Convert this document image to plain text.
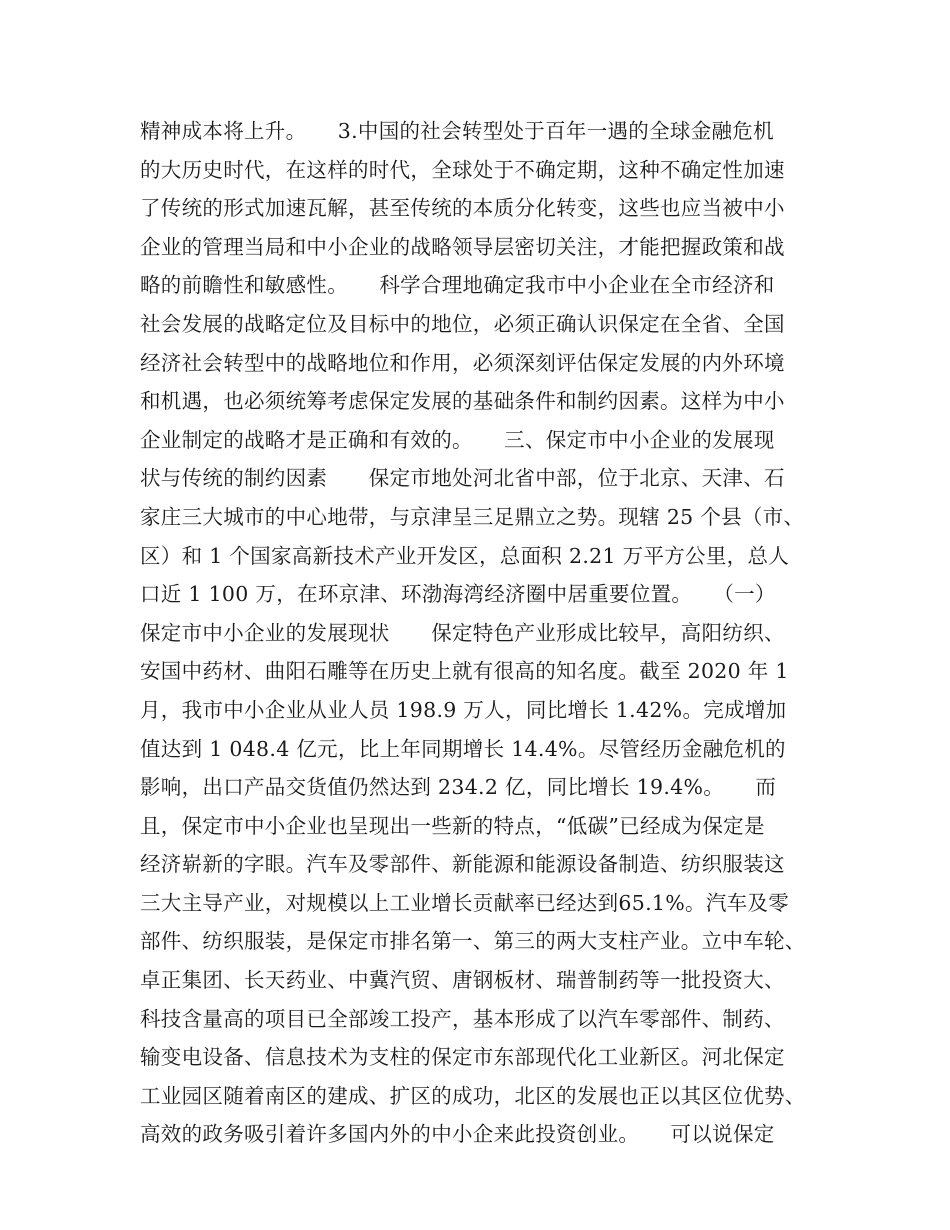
精神成本将上升。　　3.中国的社会转型处于百年一遇的全球金融危机
的大历史时代，在这样的时代，全球处于不确定期，这种不确定性加速
了传统的形式加速瓦解，甚至传统的本质分化转变，这些也应当被中小
企业的管理当局和中小企业的战略领导层密切关注，才能把握政策和战
略的前瞻性和敏感性。　　科学合理地确定我市中小企业在全市经济和
社会发展的战略定位及目标中的地位，必须正确认识保定在全省、全国
经济社会转型中的战略地位和作用，必须深刻评估保定发展的内外环境
和机遇，也必须统筹考虑保定发展的基础条件和制约因素。这样为中小
企业制定的战略才是正确和有效的。　　三、保定市中小企业的发展现
状与传统的制约因素　　保定市地处河北省中部，位于北京、天津、石
家庄三大城市的中心地带，与京津呈三足鼎立之势。现辖 25 个县（市、
区）和 1 个国家高新技术产业开发区，总面积 2.21 万平方公里，总人
口近 1 100 万，在环京津、环渤海湾经济圈中居重要位置。　　（一）
保定市中小企业的发展现状　　保定特色产业形成比较早，高阳纺织、
安国中药材、曲阳石雕等在历史上就有很高的知名度。截至 2020 年 1
月，我市中小企业从业人员 198.9 万人，同比增长 1.42%。完成增加
值达到 1 048.4 亿元，比上年同期增长 14.4%。尽管经历金融危机的
影响，出口产品交货值仍然达到 234.2 亿，同比增长 19.4%。　　而
且，保定市中小企业也呈现出一些新的特点，“低碳”已经成为保定是
经济崭新的字眼。汽车及零部件、新能源和能源设备制造、纺织服装这
三大主导产业，对规模以上工业增长贡献率已经达到65.1%。汽车及零
部件、纺织服装，是保定市排名第一、第三的两大支柱产业。立中车轮、
卓正集团、长天药业、中冀汽贸、唐钢板材、瑞普制药等一批投资大、
科技含量高的项目已全部竣工投产，基本形成了以汽车零部件、制药、
输变电设备、信息技术为支柱的保定市东部现代化工业新区。河北保定
工业园区随着南区的建成、扩区的成功，北区的发展也正以其区位优势、
高效的政务吸引着许多国内外的中小企来此投资创业。　　可以说保定
